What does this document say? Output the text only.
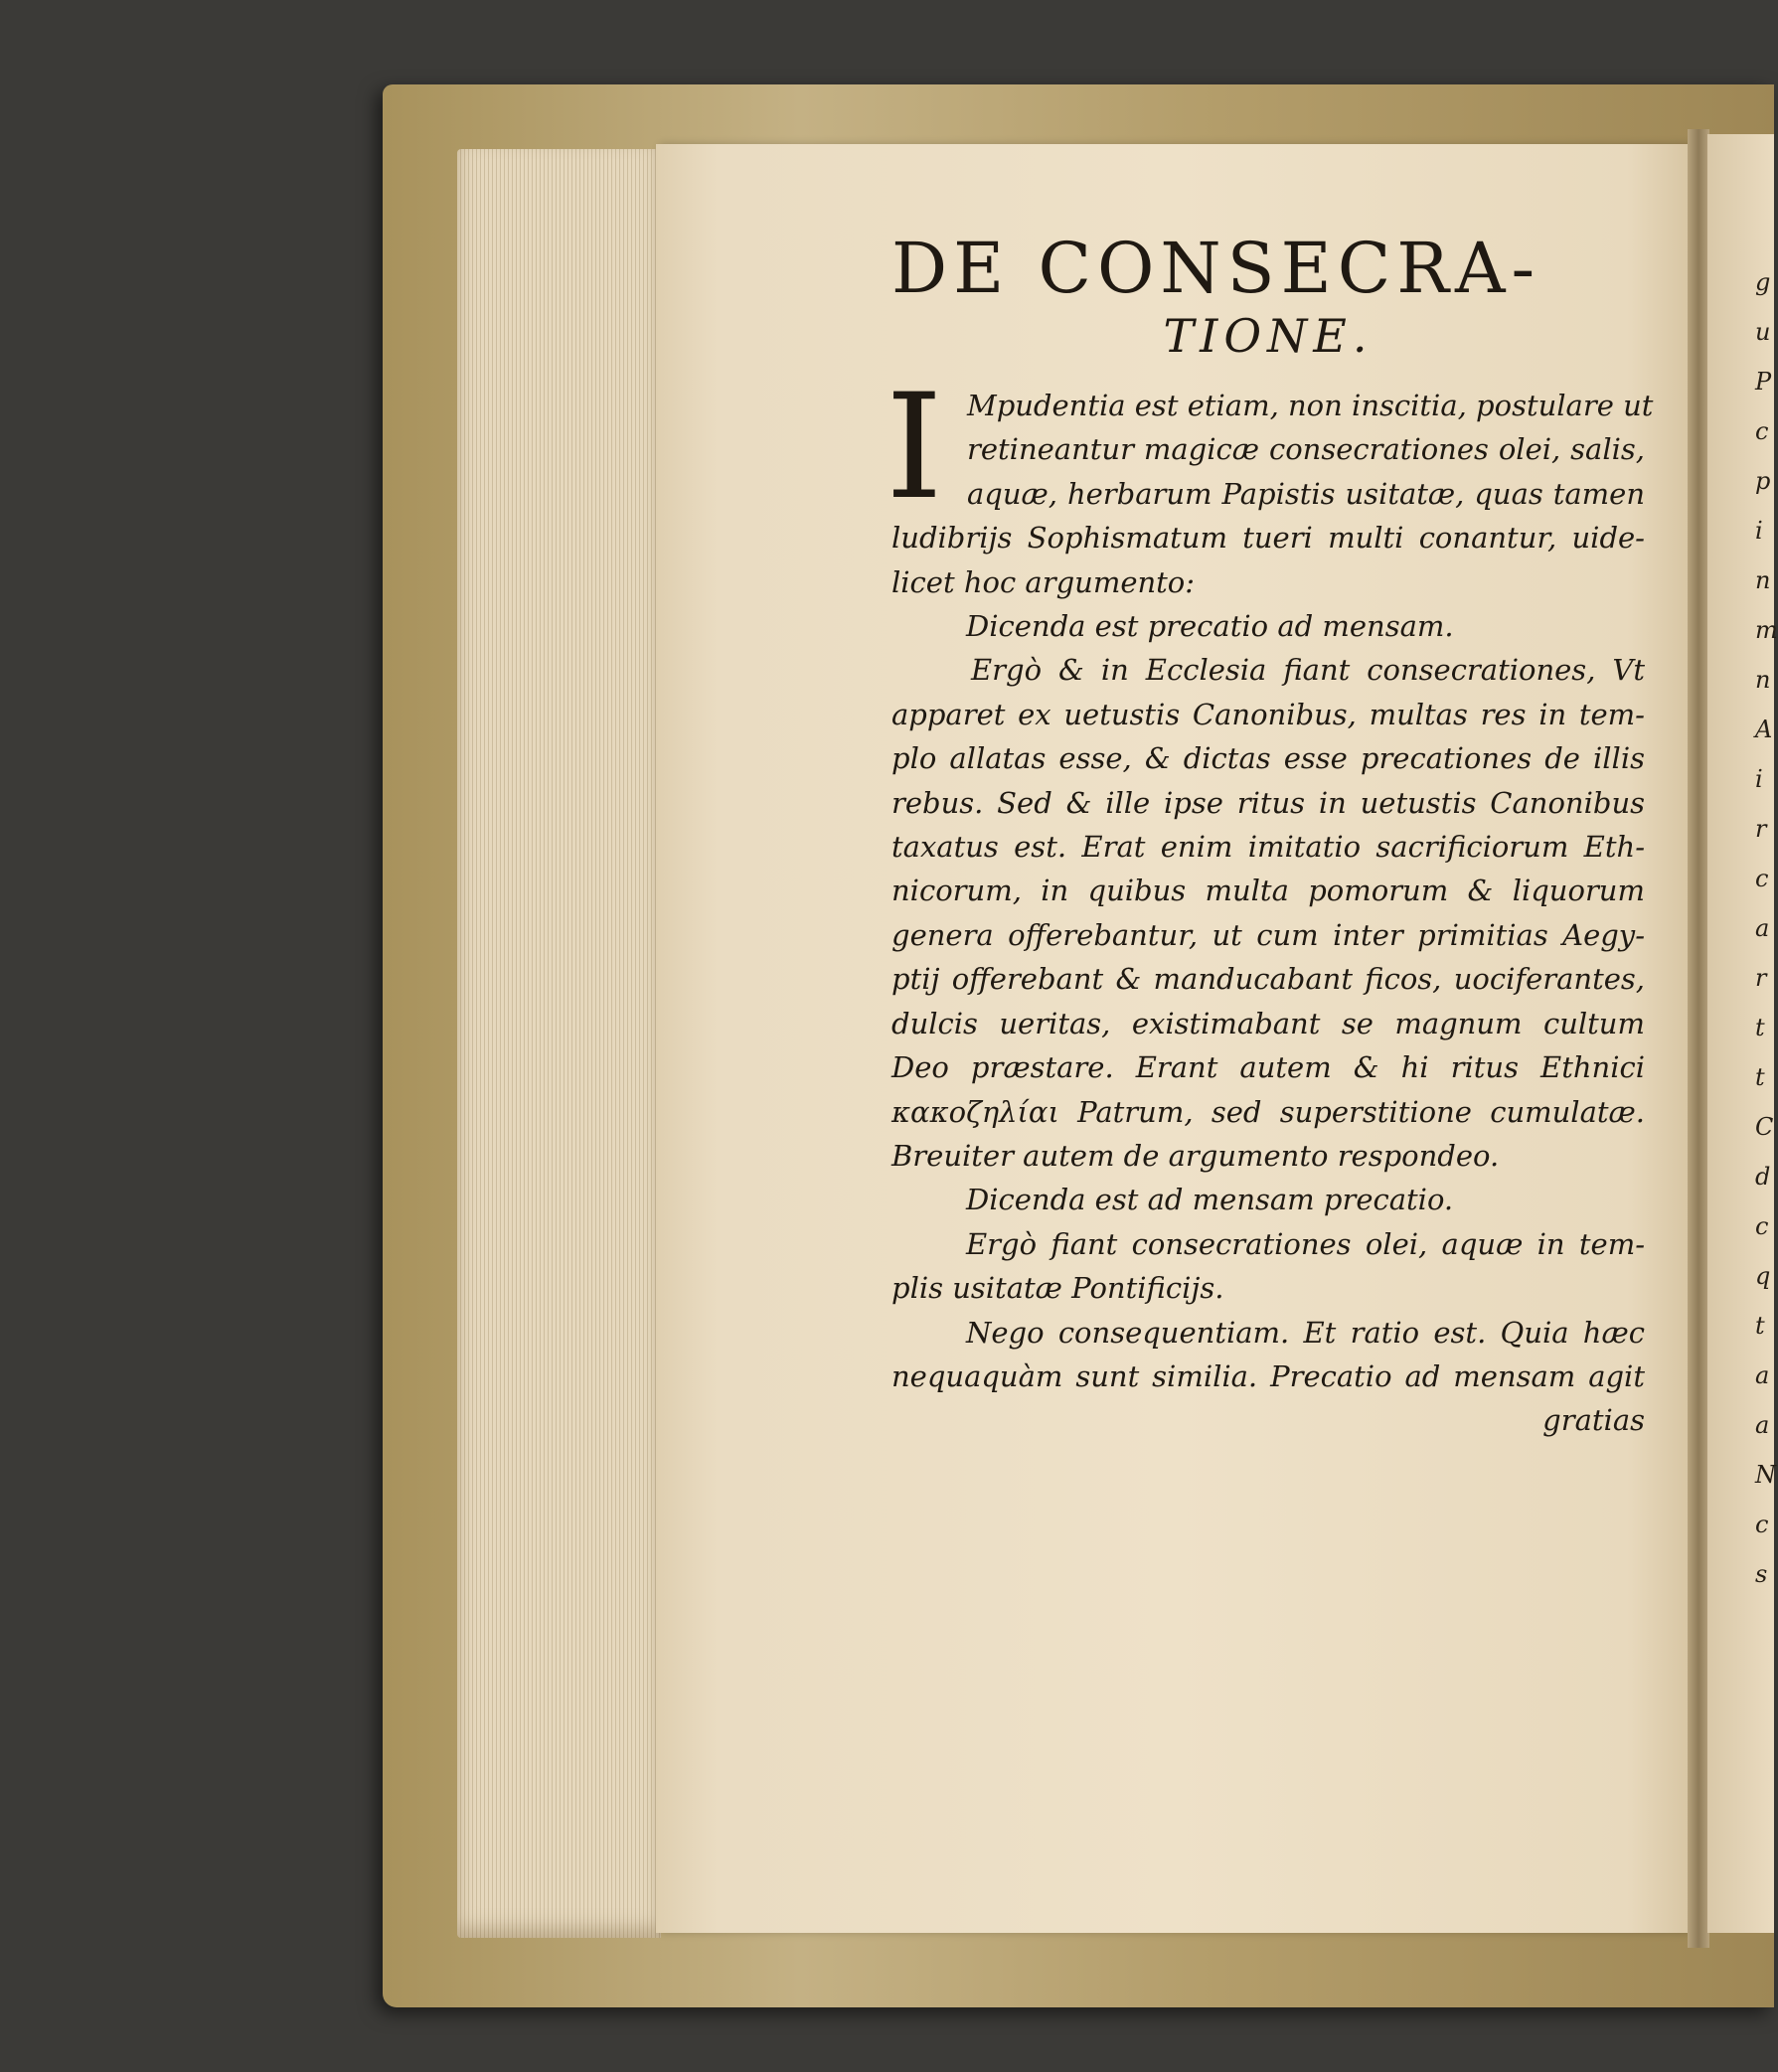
g
u
P
c
p
i
n
m
n
A
i
r
c
a
r
t
t
C
d
c
q
t
a
a
N
c
s
DE CONSECRA-
TIONE.
I Mpudentia est etiam, non inscitia, postulare ut
retineantur magicæ consecrationes olei, salis,
aquæ, herbarum Papistis usitatæ, quas tamen
ludibrijs Sophismatum tueri multi conantur, uide-
licet hoc argumento:
Dicenda est precatio ad mensam.
Ergò & in Ecclesia fiant consecrationes, Vt
apparet ex uetustis Canonibus, multas res in tem-
plo allatas esse, & dictas esse precationes de illis
rebus. Sed & ille ipse ritus in uetustis Canonibus
taxatus est. Erat enim imitatio sacrificiorum Eth-
nicorum, in quibus multa pomorum & liquorum
genera offerebantur, ut cum inter primitias Aegy-
ptij offerebant & manducabant ficos, uociferantes,
dulcis ueritas, existimabant se magnum cultum
Deo præstare. Erant autem & hi ritus Ethnici
κακοζηλίαι Patrum, sed superstitione cumulatæ.
Breuiter autem de argumento respondeo.
Dicenda est ad mensam precatio.
Ergò fiant consecrationes olei, aquæ in tem-
plis usitatæ Pontificijs.
Nego consequentiam. Et ratio est. Quia hæc
nequaquàm sunt similia. Precatio ad mensam agit
gratias
